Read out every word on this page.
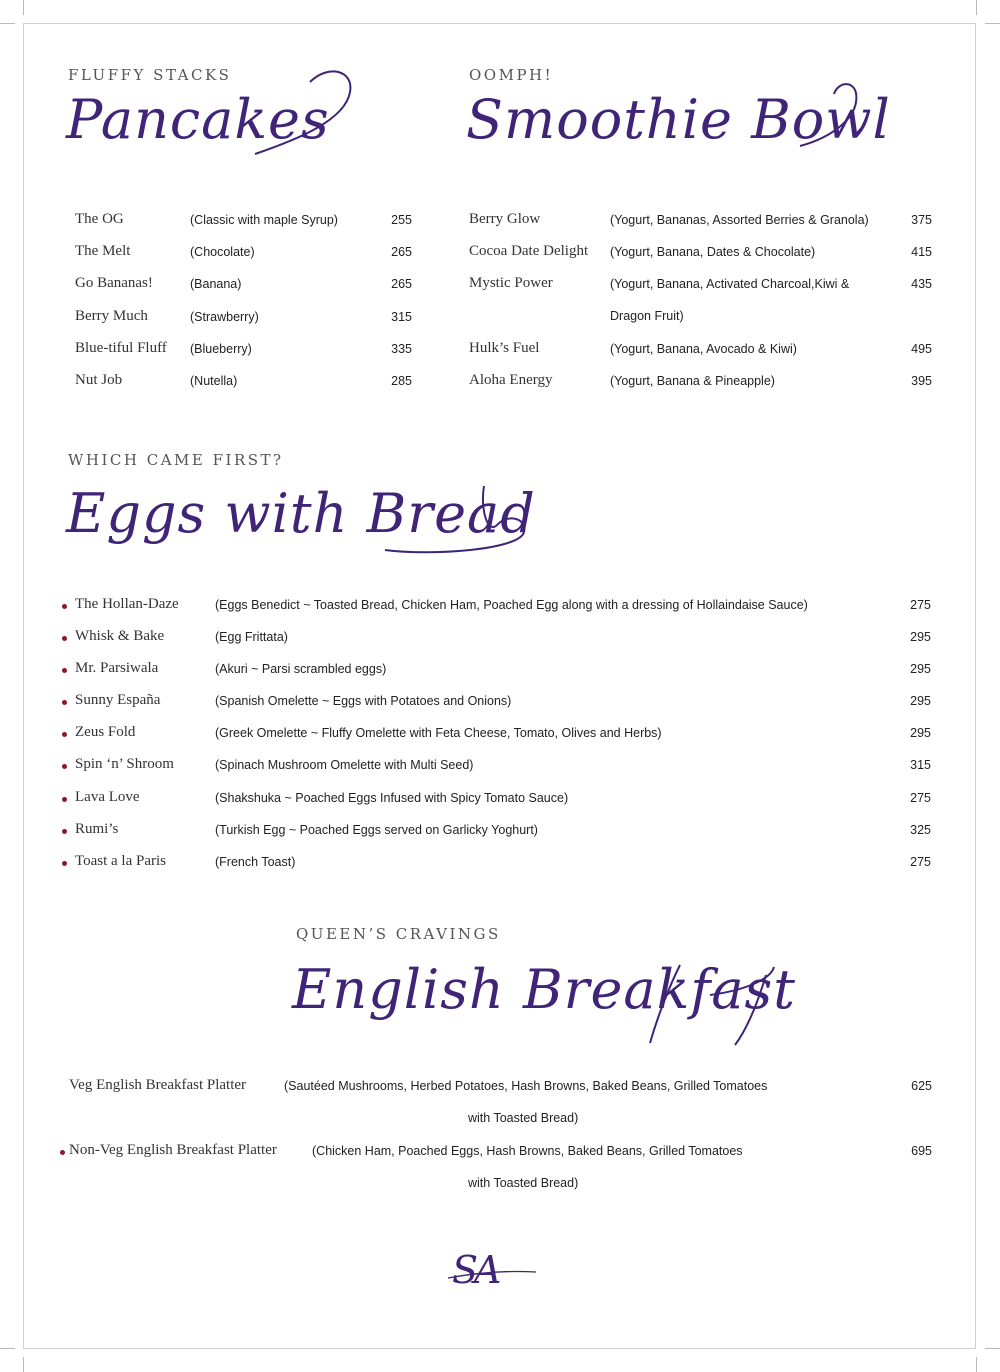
FLUFFY STACKS
Pancakes
The OG	(Classic with maple Syrup)	255
The Melt	(Chocolate)	265
Go Bananas!	(Banana)	265
Berry Much	(Strawberry)	315
Blue-tiful Fluff (Blueberry)	335
Nut Job	(Nutella)	285
OOMPH!
Smoothie Bowl
Berry Glow	(Yogurt, Bananas, Assorted Berries & Granola)	375
Cocoa Date Delight (Yogurt, Banana, Dates & Chocolate)	415
Mystic Power	(Yogurt, Banana, Activated Charcoal,Kiwi &
Dragon Fruit)
435
Hulk’s Fuel	(Yogurt, Banana, Avocado & Kiwi)	495
Aloha Energy	(Yogurt, Banana & Pineapple)	395
WHICH CAME FIRST?
Eggs with Bread
The Hollan-Daze	(Eggs Benedict ~ Toasted Bread, Chicken Ham, Poached Egg along with a dressing of Hollaindaise Sauce)	275
Whisk & Bake	(Egg Frittata)	295
Mr. Parsiwala	(Akuri ~ Parsi scrambled eggs)	295
Sunny España	(Spanish Omelette ~ Eggs with Potatoes and Onions)	295
Zeus Fold	(Greek Omelette ~ Fluffy Omelette with Feta Cheese, Tomato, Olives and Herbs)	295
Spin ‘n’ Shroom	(Spinach Mushroom Omelette with Multi Seed)	315
Lava Love	(Shakshuka ~ Poached Eggs Infused with Spicy Tomato Sauce)	275
Rumi’s	(Turkish Egg ~ Poached Eggs served on Garlicky Yoghurt)	325
Toast a la Paris	(French Toast)	275
QUEEN’S CRAVINGS
English Breakfast
Veg English Breakfast Platter	(Sautéed Mushrooms, Herbed Potatoes, Hash Browns, Baked Beans, Grilled Tomatoes
with Toasted Bread)
625
Non-Veg English Breakfast Platter	(Chicken Ham, Poached Eggs, Hash Browns, Baked Beans, Grilled Tomatoes
with Toasted Bread)
695
SA
